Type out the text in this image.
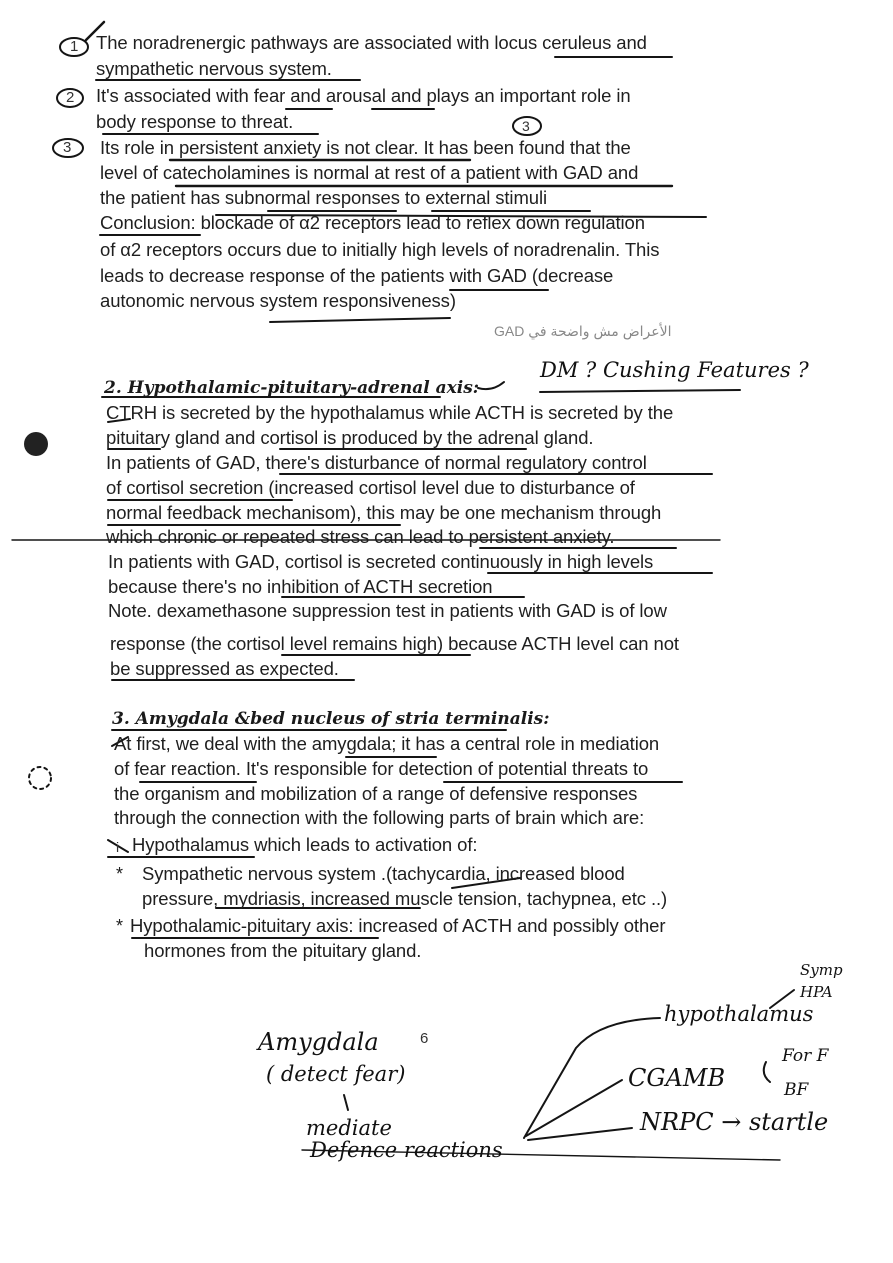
1
2
3
3
The noradrenergic pathways are associated with locus ceruleus and
sympathetic nervous system.
It's associated with fear and arousal and plays an important role in
body response to threat.
Its role in persistent anxiety is not clear. It has been found that the
level of catecholamines is normal at rest of a patient with GAD and
the patient has subnormal responses to external stimuli
Conclusion: blockade of α2 receptors lead to reflex down regulation
of α2 receptors occurs due to initially high levels of noradrenalin. This
leads to decrease response of the patients with GAD (decrease
autonomic nervous system responsiveness)
GAD الأعراض مش واضحة في
2. Hypothalamic-pituitary-adrenal axis:
DM ? Cushing Features ?
CTRH is secreted by the hypothalamus while ACTH is secreted by the
pituitary gland and cortisol is produced by the adrenal gland.
In patients of GAD, there's disturbance of normal regulatory control
of cortisol secretion (increased cortisol level due to disturbance of
normal feedback mechanisom), this may be one mechanism through
which chronic or repeated stress can lead to persistent anxiety.
In patients with GAD, cortisol is secreted continuously in high levels
because there's no inhibition of ACTH secretion
Note. dexamethasone suppression test in patients with GAD is of low
response (the cortisol level remains high) because ACTH level can not
be suppressed as expected.
3. Amygdala &bed nucleus of stria terminalis:
At first, we deal with the amygdala; it has a central role in mediation
of fear reaction. It's responsible for detection of potential threats to
the organism and mobilization of a range of defensive responses
through the connection with the following parts of brain which are:
i Hypothalamus which leads to activation of:
* Sympathetic nervous system .(tachycardia, increased blood
pressure, mydriasis, increased muscle tension, tachypnea, etc ..)
* Hypothalamic-pituitary axis: increased of ACTH and possibly other
hormones from the pituitary gland.
6
Symp
HPA
hypothalamus
Amygdala
( detect fear)	CGAMB
For F
BF
mediate	NRPC → startle
Defence reactions
